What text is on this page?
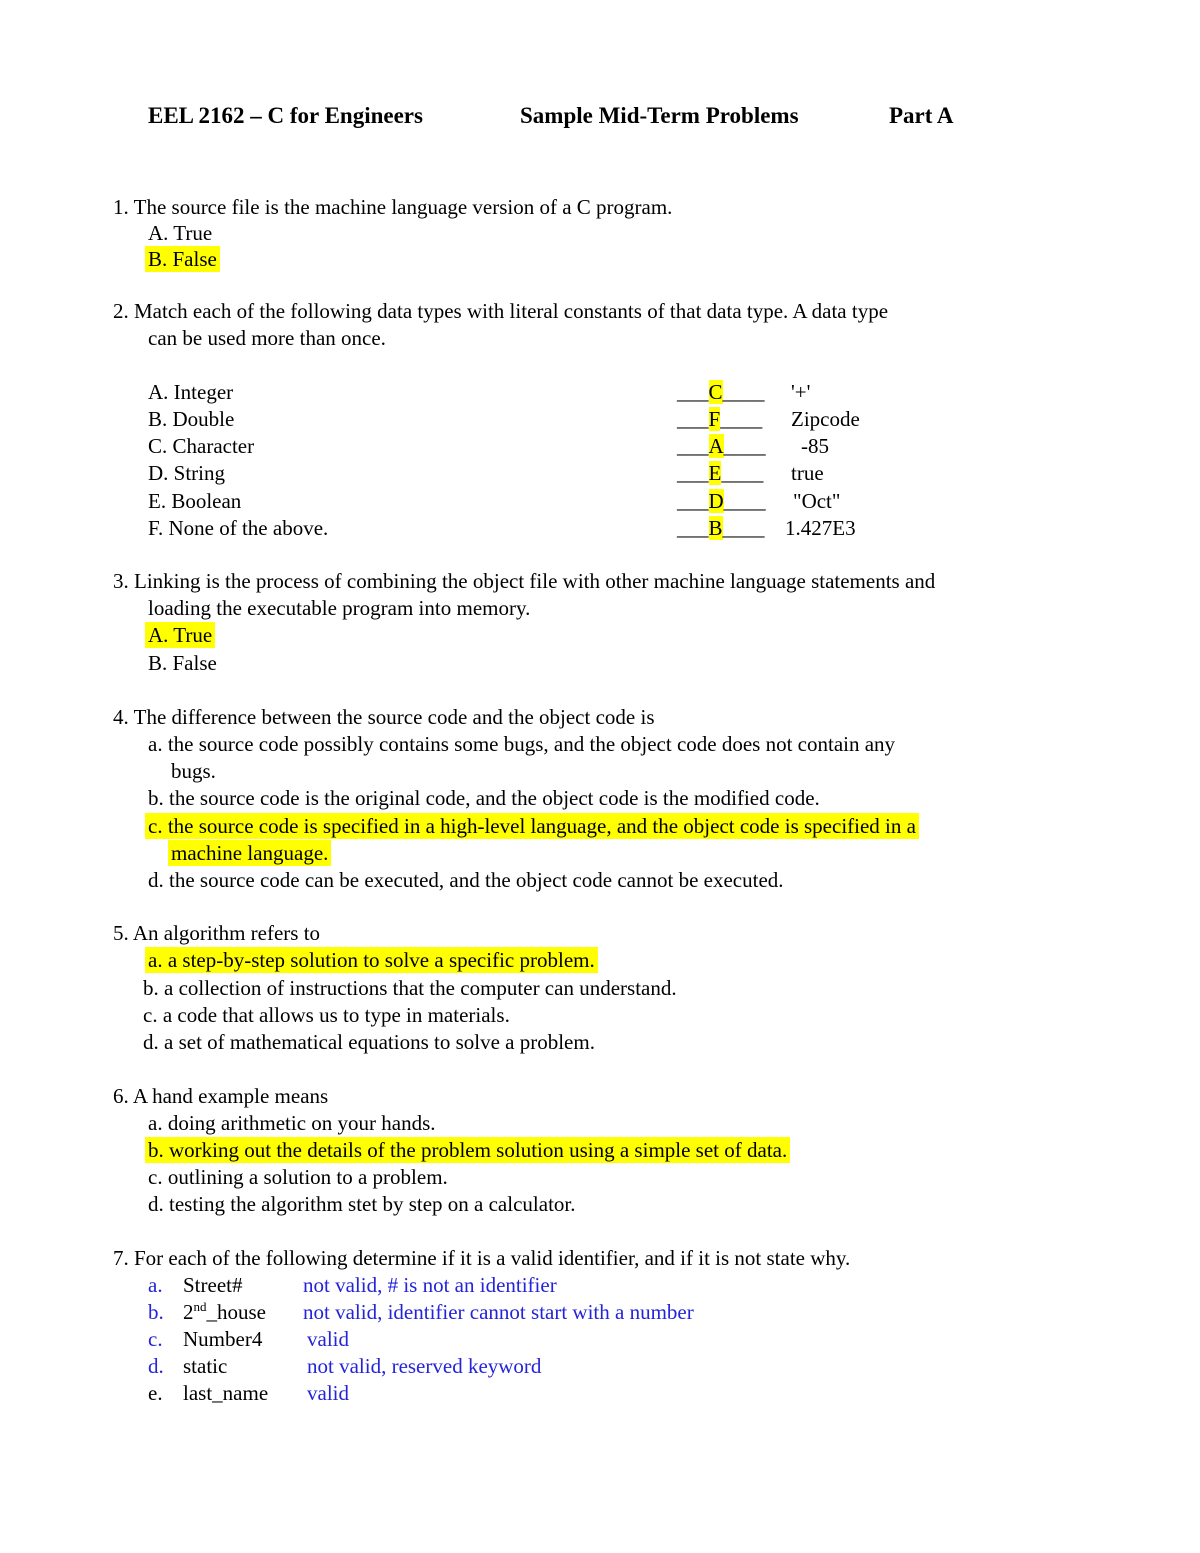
EEL 2162 – C for Engineers	Sample Mid-Term Problems	Part A
1. The source file is the machine language version of a C program.
A. True
B. False
2. Match each of the following data types with literal constants of that data type. A data type
can be used more than once.
A. Integer
B. Double
C. Character
D. String
E. Boolean
F. None of the above.
___C____
___F____
___A____
___E____
___D____
___B____
'+'
Zipcode
-85
true
"Oct"
1.427E3
3. Linking is the process of combining the object file with other machine language statements and
loading the executable program into memory.
A. True
B. False
4. The difference between the source code and the object code is
a. the source code possibly contains some bugs, and the object code does not contain any
bugs.
b. the source code is the original code, and the object code is the modified code.
c. the source code is specified in a high-level language, and the object code is specified in a
machine language.
d. the source code can be executed, and the object code cannot be executed.
5. An algorithm refers to
a. a step-by-step solution to solve a specific problem.
b. a collection of instructions that the computer can understand.
c. a code that allows us to type in materials.
d. a set of mathematical equations to solve a problem.
6. A hand example means
a. doing arithmetic on your hands.
b. working out the details of the problem solution using a simple set of data.
c. outlining a solution to a problem.
d. testing the algorithm stet by step on a calculator.
7. For each of the following determine if it is a valid identifier, and if it is not state why.
a.
b.
c.
d.
e.
Street#
2nd_house
Number4
static
last_name
not valid, # is not an identifier
not valid, identifier cannot start with a number
valid
not valid, reserved keyword
valid
